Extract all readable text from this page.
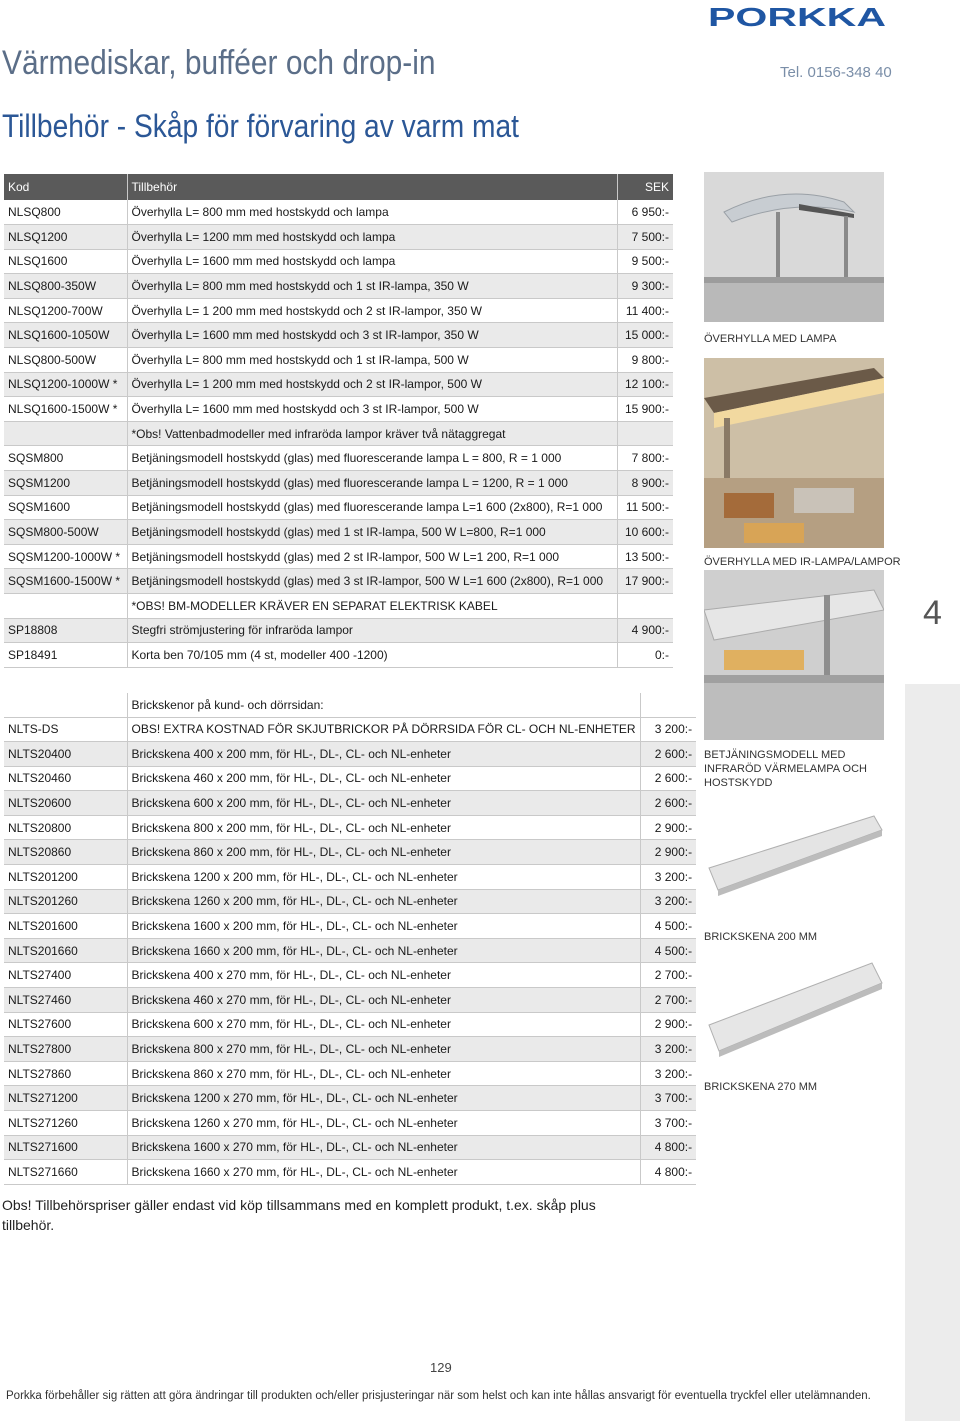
PORKKA
Värmediskar, bufféer och drop-in	Tel. 0156-348 40
Tillbehör - Skåp för förvaring av varm mat
Kod	Tillbehör	SEK
NLSQ800	Överhylla L= 800 mm med hostskydd och lampa	6 950:-
NLSQ1200	Överhylla L= 1200 mm med hostskydd och lampa	7 500:-
NLSQ1600	Överhylla L= 1600 mm med hostskydd och lampa	9 500:-
NLSQ800-350W	Överhylla L= 800 mm med hostskydd och 1 st IR-lampa, 350 W	9 300:-
NLSQ1200-700W	Överhylla L= 1 200 mm med hostskydd och 2 st IR-lampor, 350 W	11 400:-
NLSQ1600-1050W	Överhylla L= 1600 mm med hostskydd och 3 st IR-lampor, 350 W	15 000:-
NLSQ800-500W	Överhylla L= 800 mm med hostskydd och 1 st IR-lampa, 500 W	9 800:-
NLSQ1200-1000W *	Överhylla L= 1 200 mm med hostskydd och 2 st IR-lampor, 500 W	12 100:-
NLSQ1600-1500W *	Överhylla L= 1600 mm med hostskydd och 3 st IR-lampor, 500 W	15 900:-
	*Obs! Vattenbadmodeller med infraröda lampor kräver två nätaggregat	
SQSM800	Betjäningsmodell hostskydd (glas) med fluorescerande lampa L = 800, R = 1 000	7 800:-
SQSM1200	Betjäningsmodell hostskydd (glas) med fluorescerande lampa L = 1200, R = 1 000	8 900:-
SQSM1600	Betjäningsmodell hostskydd (glas) med fluorescerande lampa L=1 600 (2x800), R=1 000	11 500:-
SQSM800-500W	Betjäningsmodell hostskydd (glas) med 1 st IR-lampa, 500 W L=800, R=1 000	10 600:-
SQSM1200-1000W *	Betjäningsmodell hostskydd (glas) med 2 st IR-lampor, 500 W L=1 200, R=1 000	13 500:-
SQSM1600-1500W *	Betjäningsmodell hostskydd (glas) med 3 st IR-lampor, 500 W L=1 600 (2x800), R=1 000	17 900:-
	*OBS! BM-MODELLER KRÄVER EN SEPARAT ELEKTRISK KABEL	
SP18808	Stegfri strömjustering för infraröda lampor	4 900:-
SP18491	Korta ben 70/105 mm (4 st, modeller 400 -1200)	0:-
	Brickskenor på kund- och dörrsidan:	
NLTS-DS	OBS! EXTRA KOSTNAD FÖR SKJUTBRICKOR PÅ DÖRRSIDA FÖR CL- OCH NL-ENHETER	3 200:-
NLTS20400	Brickskena 400 x 200 mm, för HL-, DL-, CL- och NL-enheter	2 600:-
NLTS20460	Brickskena 460 x 200 mm, för HL-, DL-, CL- och NL-enheter	2 600:-
NLTS20600	Brickskena 600 x 200 mm, för HL-, DL-, CL- och NL-enheter	2 600:-
NLTS20800	Brickskena 800 x 200 mm, för HL-, DL-, CL- och NL-enheter	2 900:-
NLTS20860	Brickskena 860 x 200 mm, för HL-, DL-, CL- och NL-enheter	2 900:-
NLTS201200	Brickskena 1200 x 200 mm, för HL-, DL-, CL- och NL-enheter	3 200:-
NLTS201260	Brickskena 1260 x 200 mm, för HL-, DL-, CL- och NL-enheter	3 200:-
NLTS201600	Brickskena 1600 x 200 mm, för HL-, DL-, CL- och NL-enheter	4 500:-
NLTS201660	Brickskena 1660 x 200 mm, för HL-, DL-, CL- och NL-enheter	4 500:-
NLTS27400	Brickskena 400 x 270 mm, för HL-, DL-, CL- och NL-enheter	2 700:-
NLTS27460	Brickskena 460 x 270 mm, för HL-, DL-, CL- och NL-enheter	2 700:-
NLTS27600	Brickskena 600 x 270 mm, för HL-, DL-, CL- och NL-enheter	2 900:-
NLTS27800	Brickskena 800 x 270 mm, för HL-, DL-, CL- och NL-enheter	3 200:-
NLTS27860	Brickskena 860 x 270 mm, för HL-, DL-, CL- och NL-enheter	3 200:-
NLTS271200	Brickskena 1200 x 270 mm, för HL-, DL-, CL- och NL-enheter	3 700:-
NLTS271260	Brickskena 1260 x 270 mm, för HL-, DL-, CL- och NL-enheter	3 700:-
NLTS271600	Brickskena 1600 x 270 mm, för HL-, DL-, CL- och NL-enheter	4 800:-
NLTS271660	Brickskena 1660 x 270 mm, för HL-, DL-, CL- och NL-enheter	4 800:-
ÖVERHYLLA MED LAMPA
ÖVERHYLLA MED IR-LAMPA/LAMPOR
4
BETJÄNINGSMODELL MED INFRARÖD VÄRMELAMPA OCH HOSTSKYDD
BRICKSKENA 200 MM
BRICKSKENA 270 MM
Obs! Tillbehörspriser gäller endast vid köp tillsammans med en komplett produkt, t.ex. skåp plus tillbehör.
129
Porkka förbehåller sig rätten att göra ändringar till produkten och/eller prisjusteringar när som helst och kan inte hållas ansvarigt för eventuella tryckfel eller utelämnanden.
